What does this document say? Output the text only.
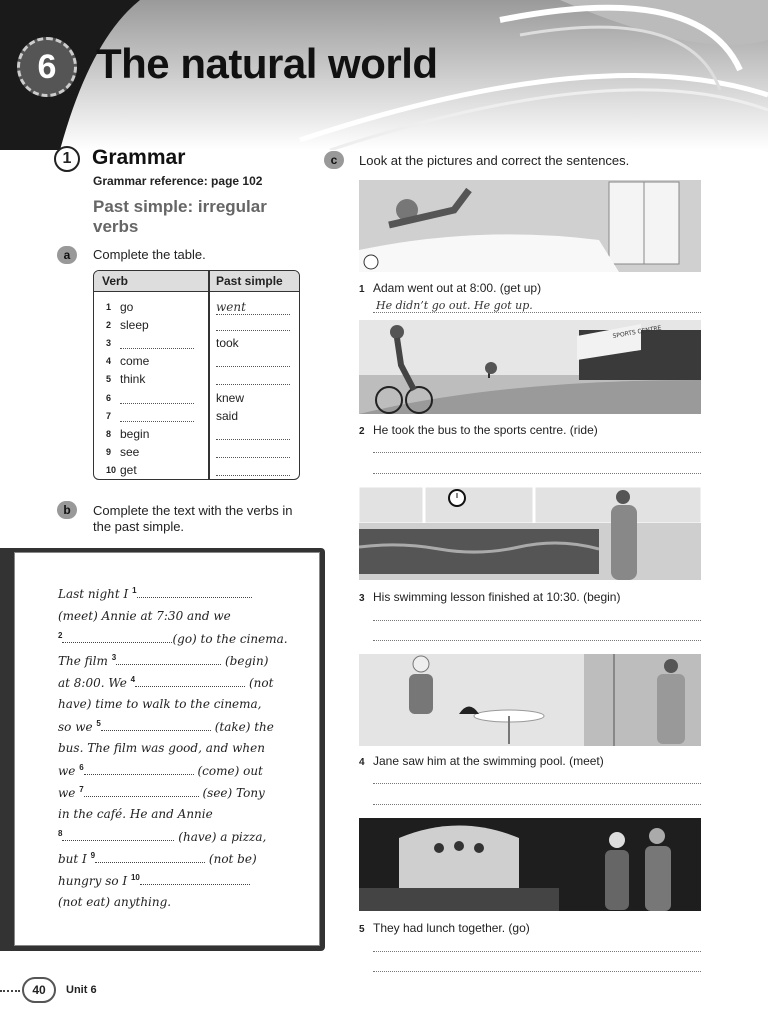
6 The natural world
1 Grammar
Grammar reference: page 102
Past simple: irregular verbs
a	Complete the table.
Verb	Past simple
1 go	went
2 sleep
3	took
4 come
5 think
6	knew
7	said
8 begin
9 see
10 get
b	Complete the text with the verbs in the past simple.
Last night I $^1$
(meet) Annie at 7:30 and we
$^2$	(go) to the cinema.
The film $^3$	(begin)
at 8:00. We $^4$	(not
have) time to walk to the cinema,
so we $^5$	(take) the
bus. The film was good, and when
we $^6$	(come) out
we $^7$	(see) Tony
in the café. He and Annie
$^8$	(have) a pizza,
but I $^9$	(not be)
hungry so I $^{10}$
(not eat) anything.
c	Look at the pictures and correct the sentences.
1 Adam went out at 8:00. (get up)
He didn’t go out. He got up.
SPORTS CENTRE
2 He took the bus to the sports centre. (ride)
3 His swimming lesson finished at 10:30. (begin)
4 Jane saw him at the swimming pool. (meet)
5 They had lunch together. (go)
40	Unit 6
